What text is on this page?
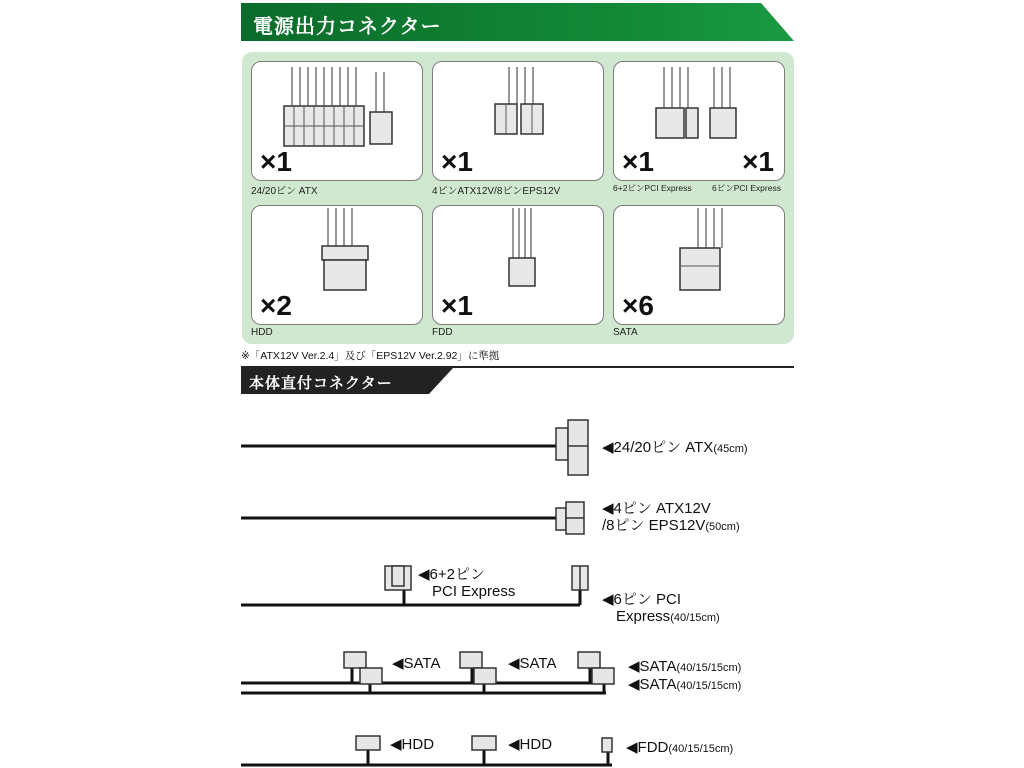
電源出力コネクター
×1
24/20ピン ATX
×1
4ピンATX12V/8ピンEPS12V
×1	×1
6+2ピンPCI Express 6ピンPCI Express
×2
HDD
×1
FDD
×6
SATA
※「ATX12V Ver.2.4」及び「EPS12V Ver.2.92」に準拠
本体直付コネクター
◀24/20ピン ATX(45cm)
◀4ピン ATX12V
/8ピン EPS12V(50cm)
◀6+2ピン
PCI Express	◀6ピン PCI
Express(40/15cm)
◀SATA	◀SATA	◀SATA(40/15/15cm)
◀SATA(40/15/15cm)
◀HDD	◀HDD	◀FDD(40/15/15cm)
